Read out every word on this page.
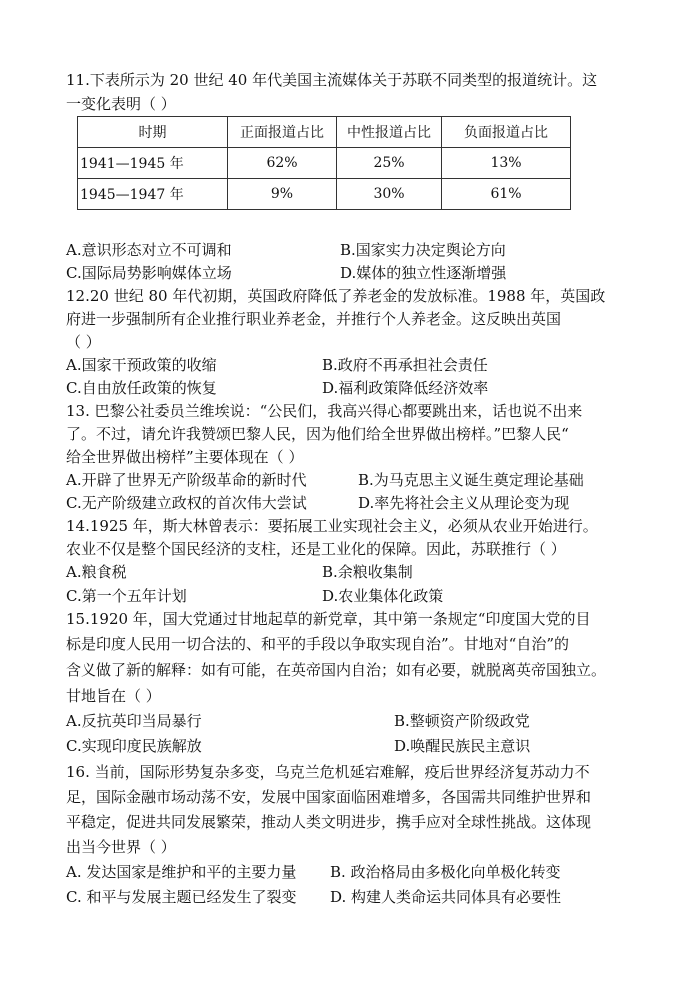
11.下表所示为 20 世纪 40 年代美国主流媒体关于苏联不同类型的报道统计。这
一变化表明（ ）
时期	正面报道占比	中性报道占比	负面报道占比
1941—1945 年	62%	25%	13%
1945—1947 年	9%	30%	61%
A.意识形态对立不可调和	B.国家实力决定舆论方向
C.国际局势影响媒体立场	D.媒体的独立性逐渐增强
12.20 世纪 80 年代初期，英国政府降低了养老金的发放标准。1988 年，英国政
府进一步强制所有企业推行职业养老金，并推行个人养老金。这反映出英国
（ ）
A.国家干预政策的收缩	B.政府不再承担社会责任
C.自由放任政策的恢复	D.福利政策降低经济效率
13. 巴黎公社委员兰维埃说：“公民们，我高兴得心都要跳出来，话也说不出来
了。不过，请允许我赞颂巴黎人民，因为他们给全世界做出榜样。”巴黎人民“
给全世界做出榜样”主要体现在（ ）
A.开辟了世界无产阶级革命的新时代	B.为马克思主义诞生奠定理论基础
C.无产阶级建立政权的首次伟大尝试	D.率先将社会主义从理论变为现
14.1925 年，斯大林曾表示：要拓展工业实现社会主义，必须从农业开始进行。
农业不仅是整个国民经济的支柱，还是工业化的保障。因此，苏联推行（ ）
A.粮食税	B.余粮收集制
C.第一个五年计划	D.农业集体化政策
15.1920 年，国大党通过甘地起草的新党章，其中第一条规定“印度国大党的目
标是印度人民用一切合法的、和平的手段以争取实现自治”。甘地对“自治”的
含义做了新的解释：如有可能，在英帝国内自治；如有必要，就脱离英帝国独立。
甘地旨在（ ）
A.反抗英印当局暴行	B.整顿资产阶级政党
C.实现印度民族解放	D.唤醒民族民主意识
16. 当前，国际形势复杂多变，乌克兰危机延宕难解，疫后世界经济复苏动力不
足，国际金融市场动荡不安，发展中国家面临困难增多，各国需共同维护世界和
平稳定，促进共同发展繁荣，推动人类文明进步，携手应对全球性挑战。这体现
出当今世界（ ）
A. 发达国家是维护和平的主要力量 B. 政治格局由多极化向单极化转变
C. 和平与发展主题已经发生了裂变 D. 构建人类命运共同体具有必要性
